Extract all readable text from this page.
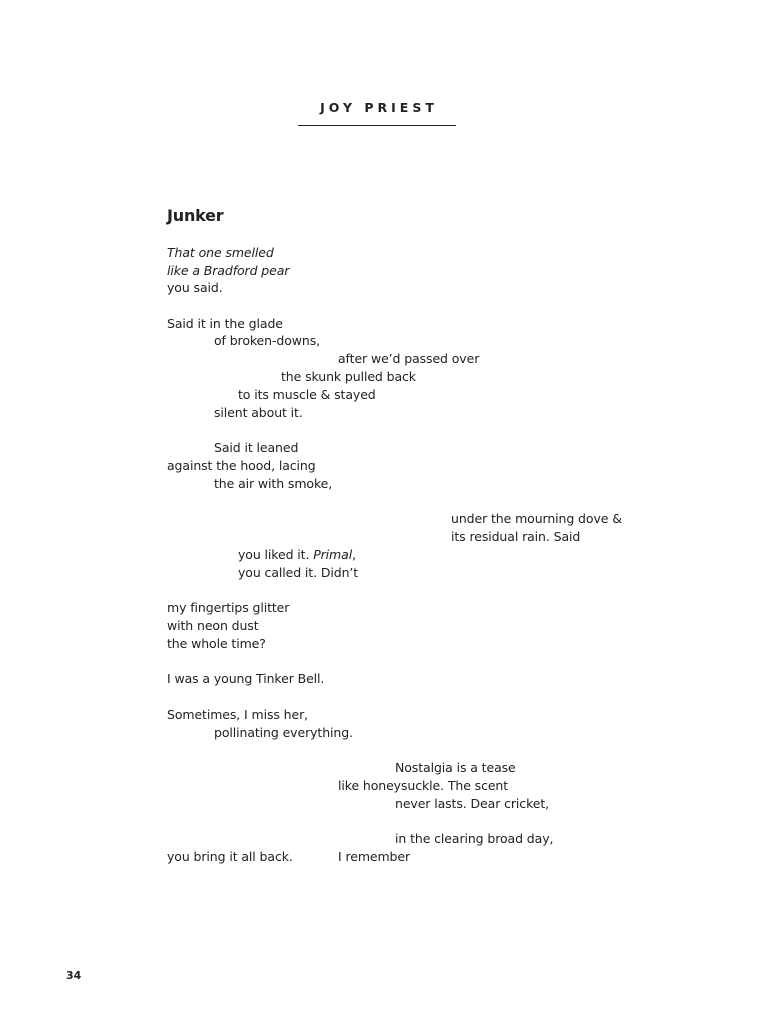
JOY PRIEST
Junker
That one smelled
like a Bradford pear
you said.
Said it in the glade
of broken-downs,
after we’d passed over
the skunk pulled back
to its muscle & stayed
silent about it.
Said it leaned
against the hood, lacing
the air with smoke,
under the mourning dove &
its residual rain. Said
you liked it. Primal,
you called it. Didn’t
my fingertips glitter
with neon dust
the whole time?
I was a young Tinker Bell.
Sometimes, I miss her,
pollinating everything.
Nostalgia is a tease
like honeysuckle. The scent
never lasts. Dear cricket,
in the clearing broad day,
you bring it all back.	I remember
34
